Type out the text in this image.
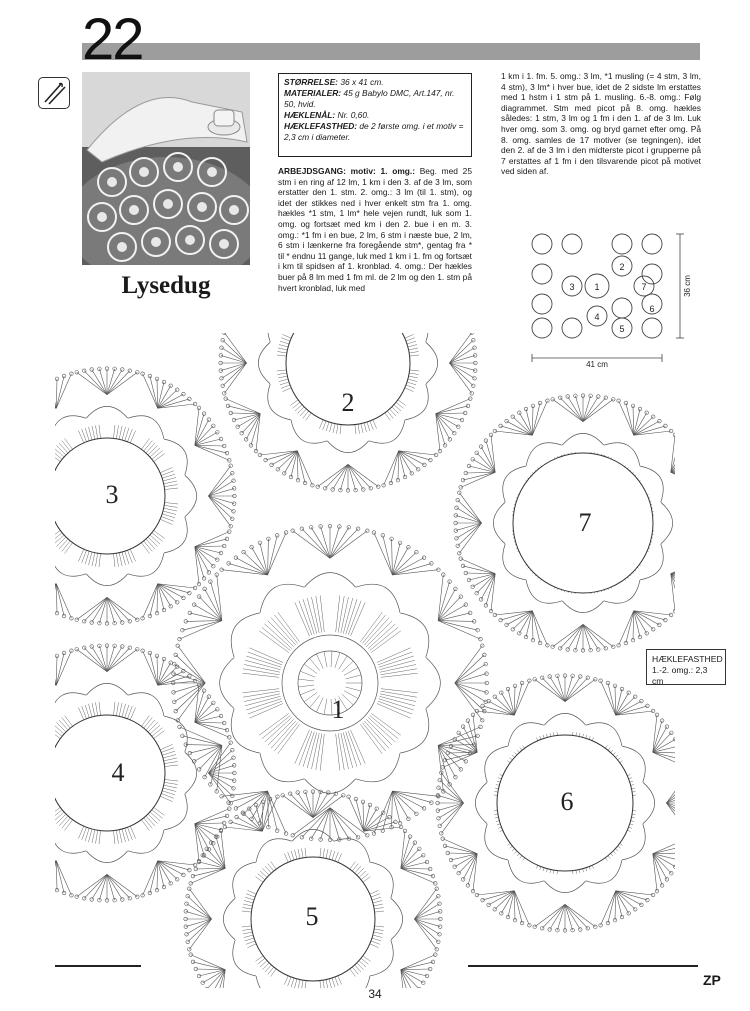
22
Lysedug
STØRRELSE: 36 x 41 cm.
MATERIALER: 45 g Babylo DMC, Art.147, nr. 50, hvid.
HÆKLENÅL: Nr. 0,60.
HÆKLEFASTHED: de 2 første omg. i et motiv = 2,3 cm i diameter.
ARBEJDSGANG: motiv: 1. omg.: Beg. med 25 stm i en ring af 12 lm, 1 km i den 3. af de 3 lm, som erstatter den 1. stm. 2. omg.: 3 lm (til 1. stm), og idet der stikkes ned i hver enkelt stm fra 1. omg. hækles *1 stm, 1 lm* hele vejen rundt, luk som 1. omg. og fortsæt med km i den 2. bue i en m. 3. omg.: *1 fm i en bue, 2 lm, 6 stm i næste bue, 2 lm, 6 stm i lænkerne fra foregående stm*, gentag fra * til * endnu 11 gange, luk med 1 km i 1. fm og fortsæt i km til spidsen af 1. kronblad. 4. omg.: Der hækles buer på 8 lm med 1 fm ml. de 2 lm og den 1. stm på hvert kronblad, luk med
1 km i 1. fm. 5. omg.: 3 lm, *1 musling (= 4 stm, 3 lm, 4 stm), 3 lm* i hver bue, idet de 2 sidste lm erstattes med 1 hstm i 1 stm på 1. musling. 6.-8. omg.: Følg diagrammet. Stm med picot på 8. omg. hækles således: 1 stm, 3 lm og 1 fm i den 1. af de 3 lm. Luk hver omg. som 3. omg. og bryd garnet efter omg. På 8. omg. samles de 17 motiver (se tegningen), idet den 2. af de 3 lm i den midterste picot i grupperne på 7 erstattes af 1 fm i den tilsvarende picot på motivet ved siden af.
2
3 1	7
4
5
6
41 cm
36 cm
HÆKLEFASTHED
1.-2. omg.: 2,3 cm
1
2
3
4
5
6
7
34
ZP
